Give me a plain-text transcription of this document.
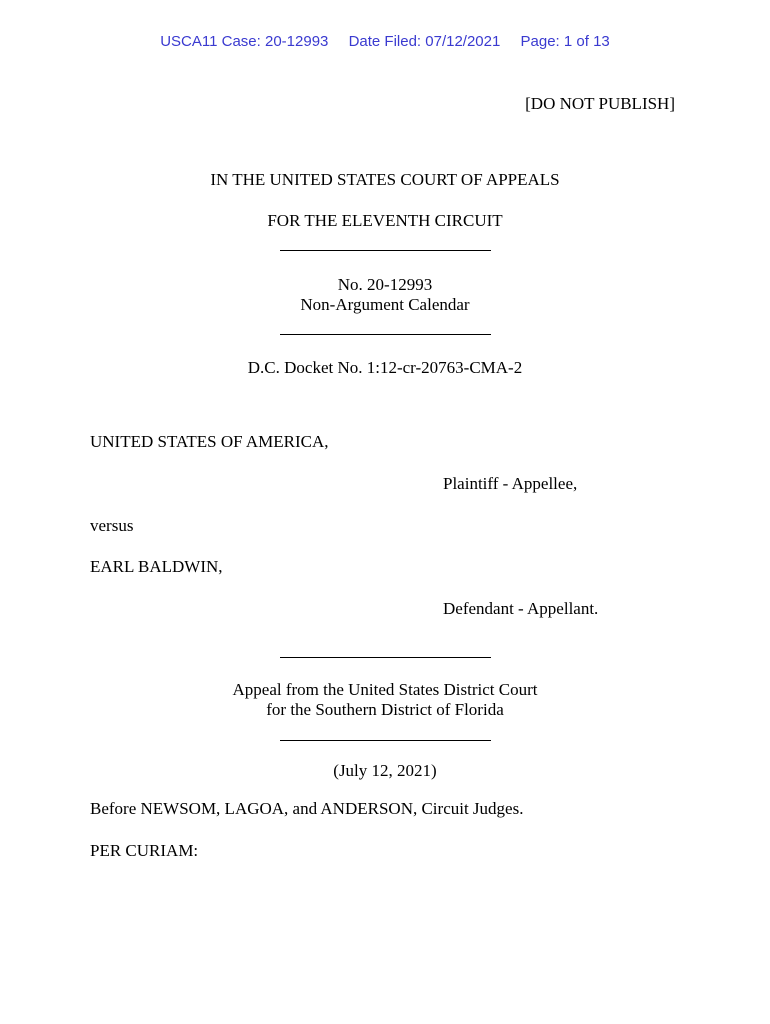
USCA11 Case: 20-12993 Date Filed: 07/12/2021 Page: 1 of 13
[DO NOT PUBLISH]
IN THE UNITED STATES COURT OF APPEALS
FOR THE ELEVENTH CIRCUIT
No. 20-12993
Non-Argument Calendar
D.C. Docket No. 1:12-cr-20763-CMA-2
UNITED STATES OF AMERICA,
Plaintiff - Appellee,
versus
EARL BALDWIN,
Defendant - Appellant.
Appeal from the United States District Court
for the Southern District of Florida
(July 12, 2021)
Before NEWSOM, LAGOA, and ANDERSON, Circuit Judges.
PER CURIAM:
